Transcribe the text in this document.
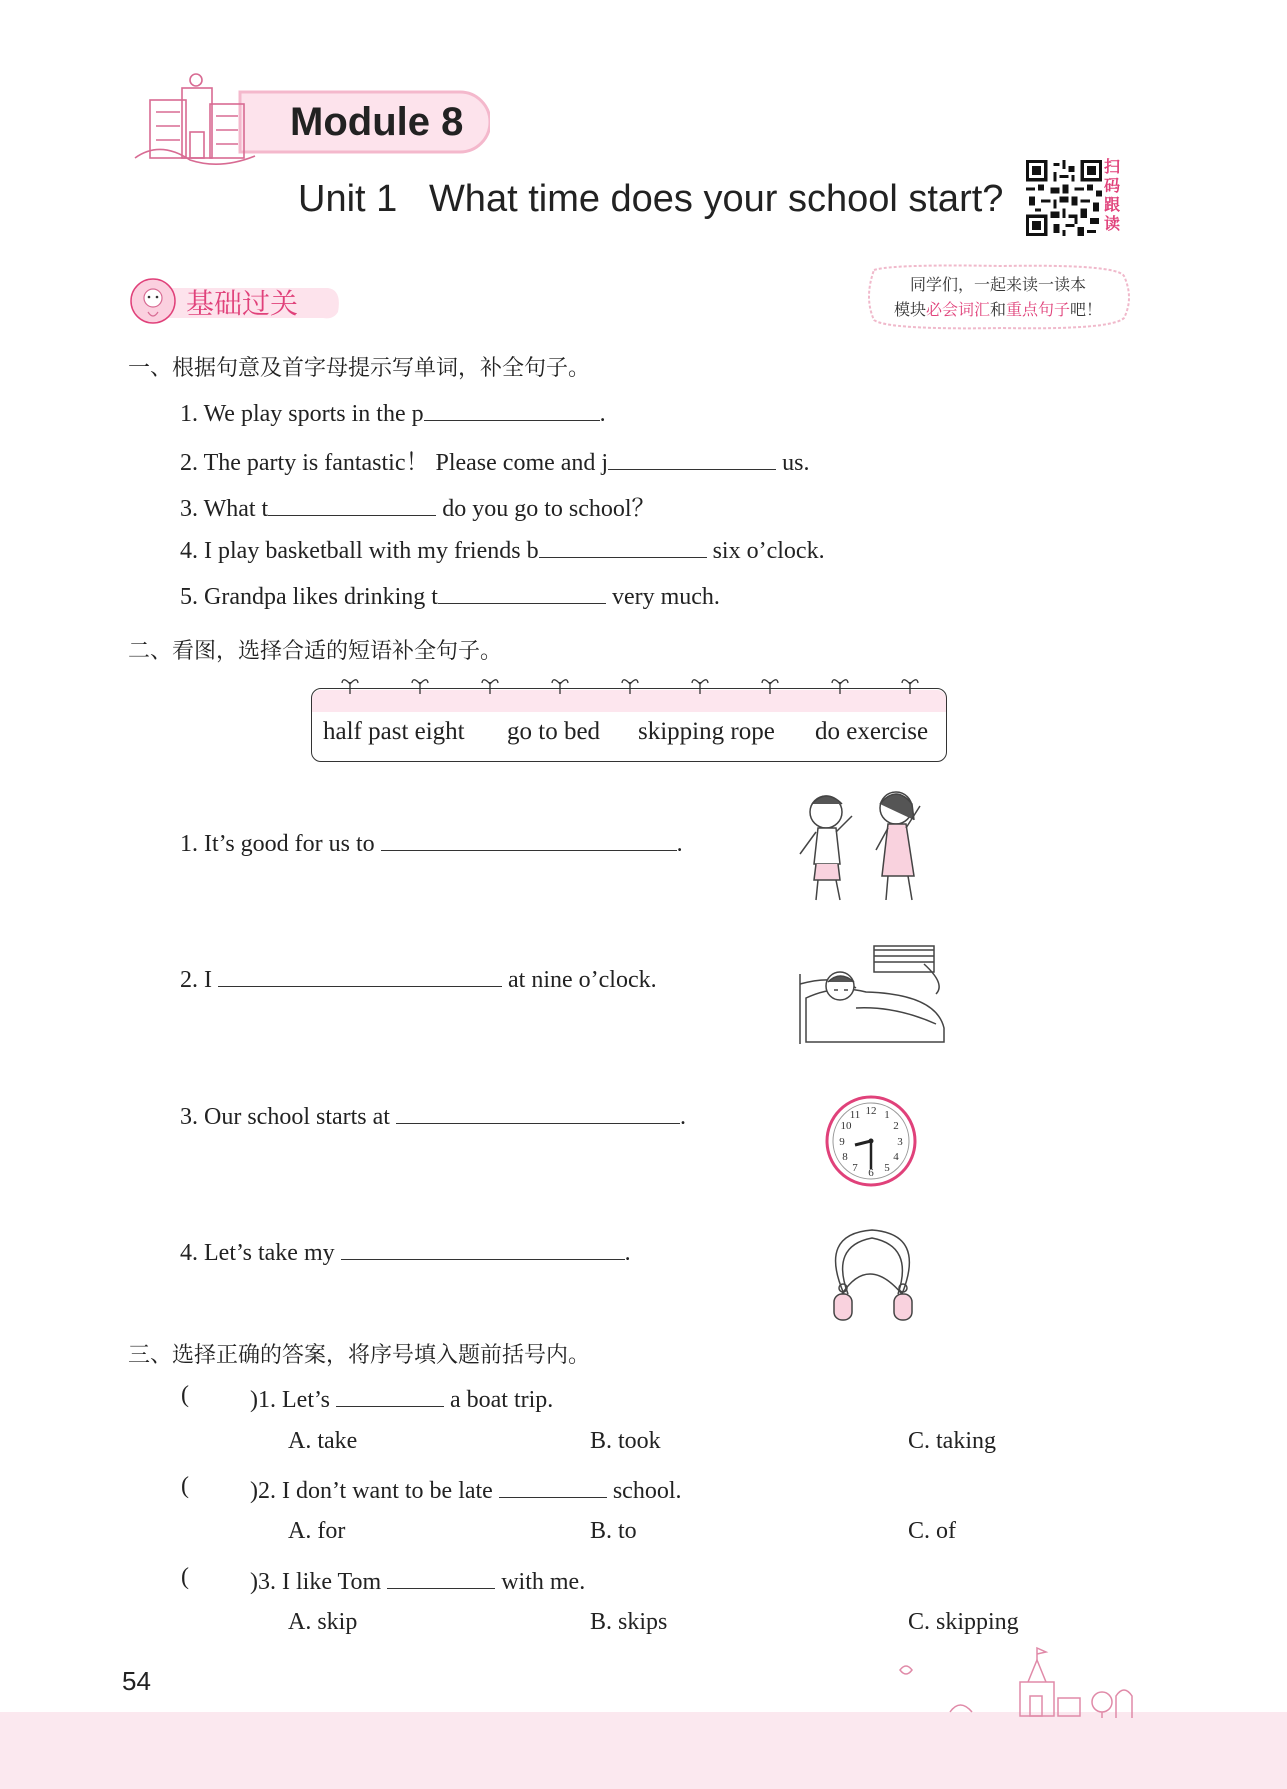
Module 8
Unit 1   What time does your school start?
扫码跟读
基础过关
同学们，一起来读一读本
模块必会词汇和重点句子吧！
一、根据句意及首字母提示写单词，补全句子。
1. We play sports in the p	.
2. The party is fantastic！ Please come and j	us.
3. What t	do you go to school？
4. I play basketball with my friends b	six o’clock.
5. Grandpa likes drinking t	very much.
二、看图，选择合适的短语补全句子。
half past eight go to bed skipping rope do exercise
1. It’s good for us to	.
2. I	at nine o’clock.
3. Our school starts at	.
4. Let’s take my	.
12 1
2
3
4
5
6
7
8
9
10
11
三、选择正确的答案，将序号填入题前括号内。
(	)1. Let’s	a boat trip.
A. take	B. took	C. taking
(	)2. I don’t want to be late	school.
A. for	B. to	C. of
(	)3. I like Tom	with me.
A. skip	B. skips	C. skipping
54
